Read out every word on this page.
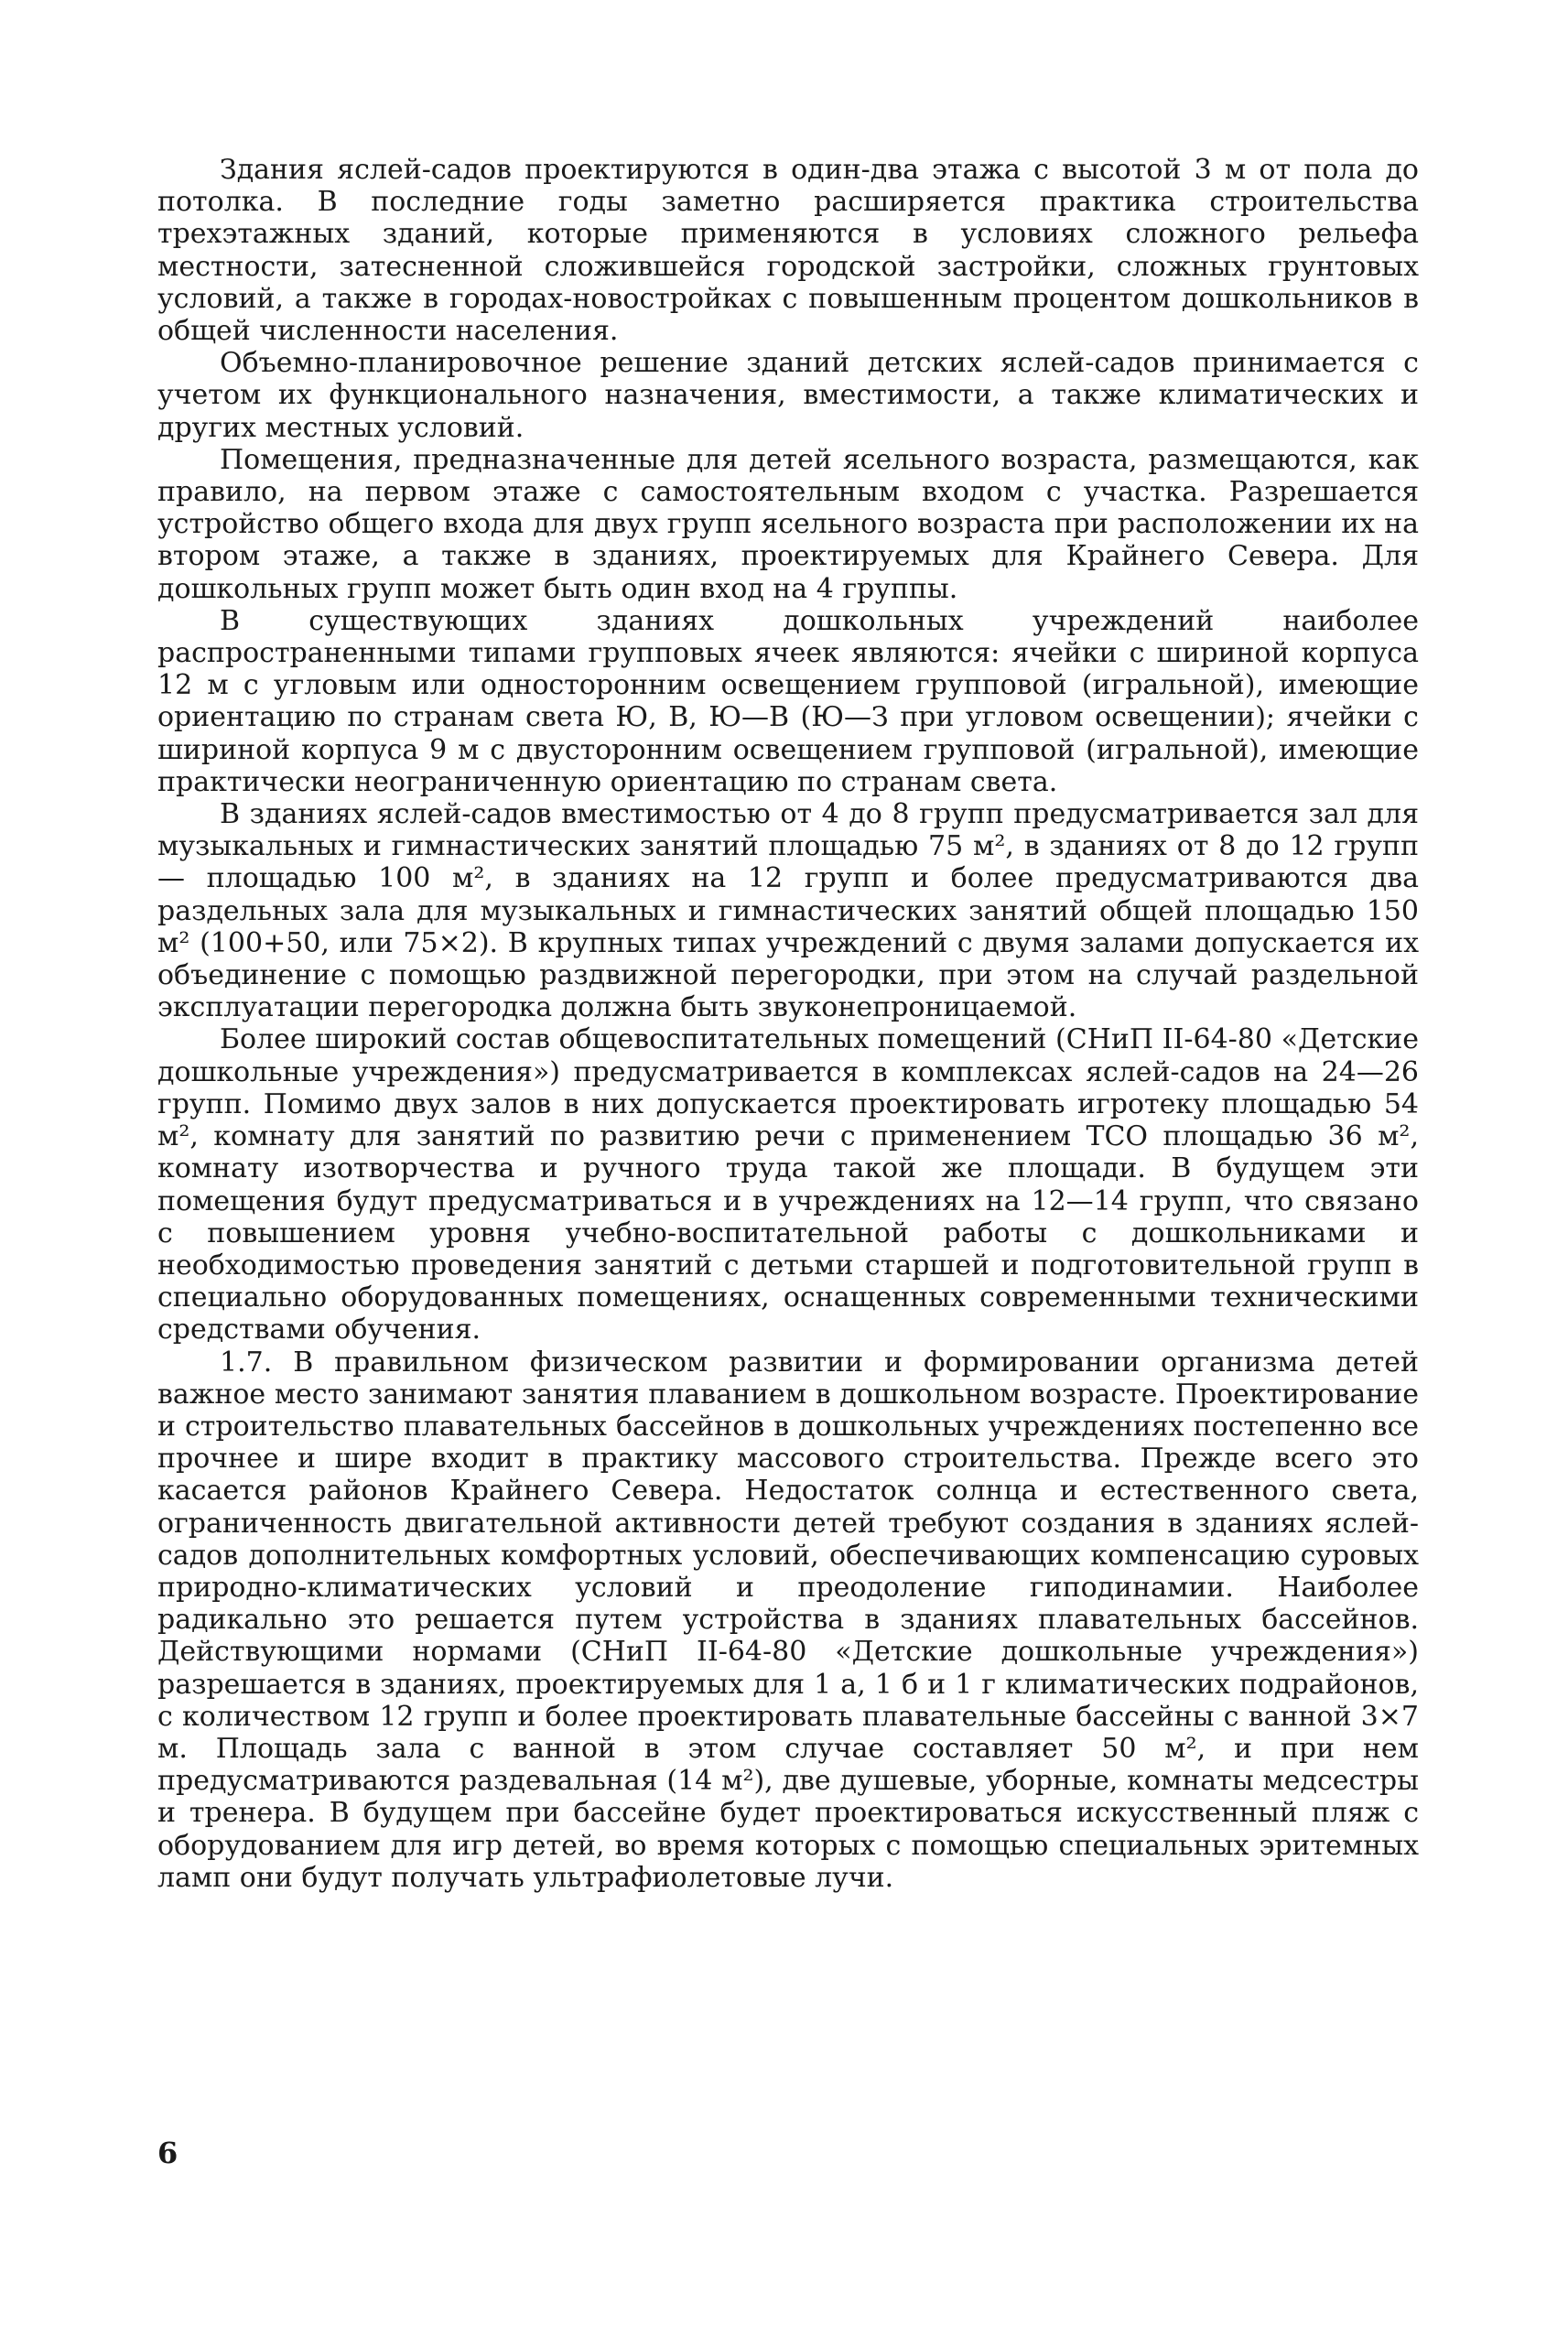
Здания яслей-садов проектируются в один-два этажа с высотой 3 м от пола до потолка. В последние годы заметно расширяется практика строительства трехэтажных зданий, которые применяются в условиях сложного рельефа местности, затесненной сложившейся городской застройки, сложных грунтовых условий, а также в городах-новостройках с повышенным процентом дошкольников в общей численности населения.

Объемно-планировочное решение зданий детских яслей-садов принимается с учетом их функционального назначения, вместимости, а также климатических и других местных условий.

Помещения, предназначенные для детей ясельного возраста, размещаются, как правило, на первом этаже с самостоятельным входом с участка. Разрешается устройство общего входа для двух групп ясельного возраста при расположении их на втором этаже, а также в зданиях, проектируемых для Крайнего Севера. Для дошкольных групп может быть один вход на 4 группы.

В существующих зданиях дошкольных учреждений наиболее распространенными типами групповых ячеек являются: ячейки с шириной корпуса 12 м с угловым или односторонним освещением групповой (игральной), имеющие ориентацию по странам света Ю, В, Ю—В (Ю—З при угловом освещении); ячейки с шириной корпуса 9 м с двусторонним освещением групповой (игральной), имеющие практически неограниченную ориентацию по странам света.

В зданиях яслей-садов вместимостью от 4 до 8 групп предусматривается зал для музыкальных и гимнастических занятий площадью 75 м², в зданиях от 8 до 12 групп — площадью 100 м², в зданиях на 12 групп и более предусматриваются два раздельных зала для музыкальных и гимнастических занятий общей площадью 150 м² (100+50, или 75×2). В крупных типах учреждений с двумя залами допускается их объединение с помощью раздвижной перегородки, при этом на случай раздельной эксплуатации перегородка должна быть звуконепроницаемой.

Более широкий состав общевоспитательных помещений (СНиП II-64-80 «Детские дошкольные учреждения») предусматривается в комплексах яслей-садов на 24—26 групп. Помимо двух залов в них допускается проектировать игротеку площадью 54 м², комнату для занятий по развитию речи с применением ТСО площадью 36 м², комнату изотворчества и ручного труда такой же площади. В будущем эти помещения будут предусматриваться и в учреждениях на 12—14 групп, что связано с повышением уровня учебно-воспитательной работы с дошкольниками и необходимостью проведения занятий с детьми старшей и подготовительной групп в специально оборудованных помещениях, оснащенных современными техническими средствами обучения.

1.7. В правильном физическом развитии и формировании организма детей важное место занимают занятия плаванием в дошкольном возрасте. Проектирование и строительство плавательных бассейнов в дошкольных учреждениях постепенно все прочнее и шире входит в практику массового строительства. Прежде всего это касается районов Крайнего Севера. Недостаток солнца и естественного света, ограниченность двигательной активности детей требуют создания в зданиях яслей-садов дополнительных комфортных условий, обеспечивающих компенсацию суровых природно-климатических условий и преодоление гиподинамии. Наиболее радикально это решается путем устройства в зданиях плавательных бассейнов. Действующими нормами (СНиП II-64-80 «Детские дошкольные учреждения») разрешается в зданиях, проектируемых для 1 а, 1 б и 1 г климатических подрайонов, с количеством 12 групп и более проектировать плавательные бассейны с ванной 3×7 м. Площадь зала с ванной в этом случае составляет 50 м², и при нем предусматриваются раздевальная (14 м²), две душевые, уборные, комнаты медсестры и тренера. В будущем при бассейне будет проектироваться искусственный пляж с оборудованием для игр детей, во время которых с помощью специальных эритемных ламп они будут получать ультрафиолетовые лучи.

6
